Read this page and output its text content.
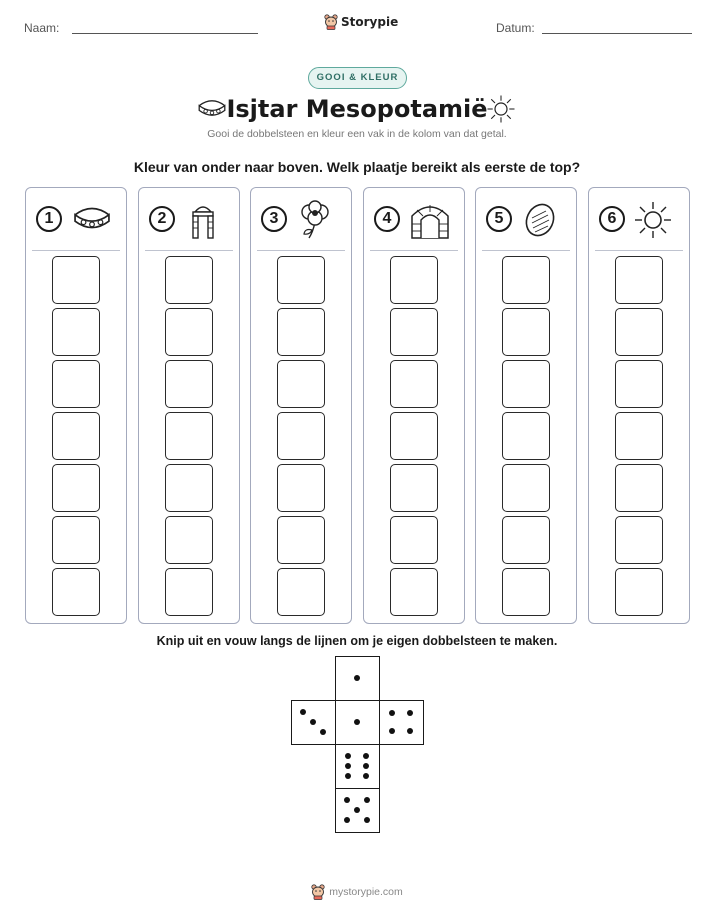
Naam:	Storypie	Datum:
GOOI & KLEUR
Isjtar Mesopotamië
Gooi de dobbelsteen en kleur een vak in de kolom van dat getal.
Kleur van onder naar boven. Welk plaatje bereikt als eerste de top?
1	2	3	4	5	6
Knip uit en vouw langs de lijnen om je eigen dobbelsteen te maken.
mystorypie.com
